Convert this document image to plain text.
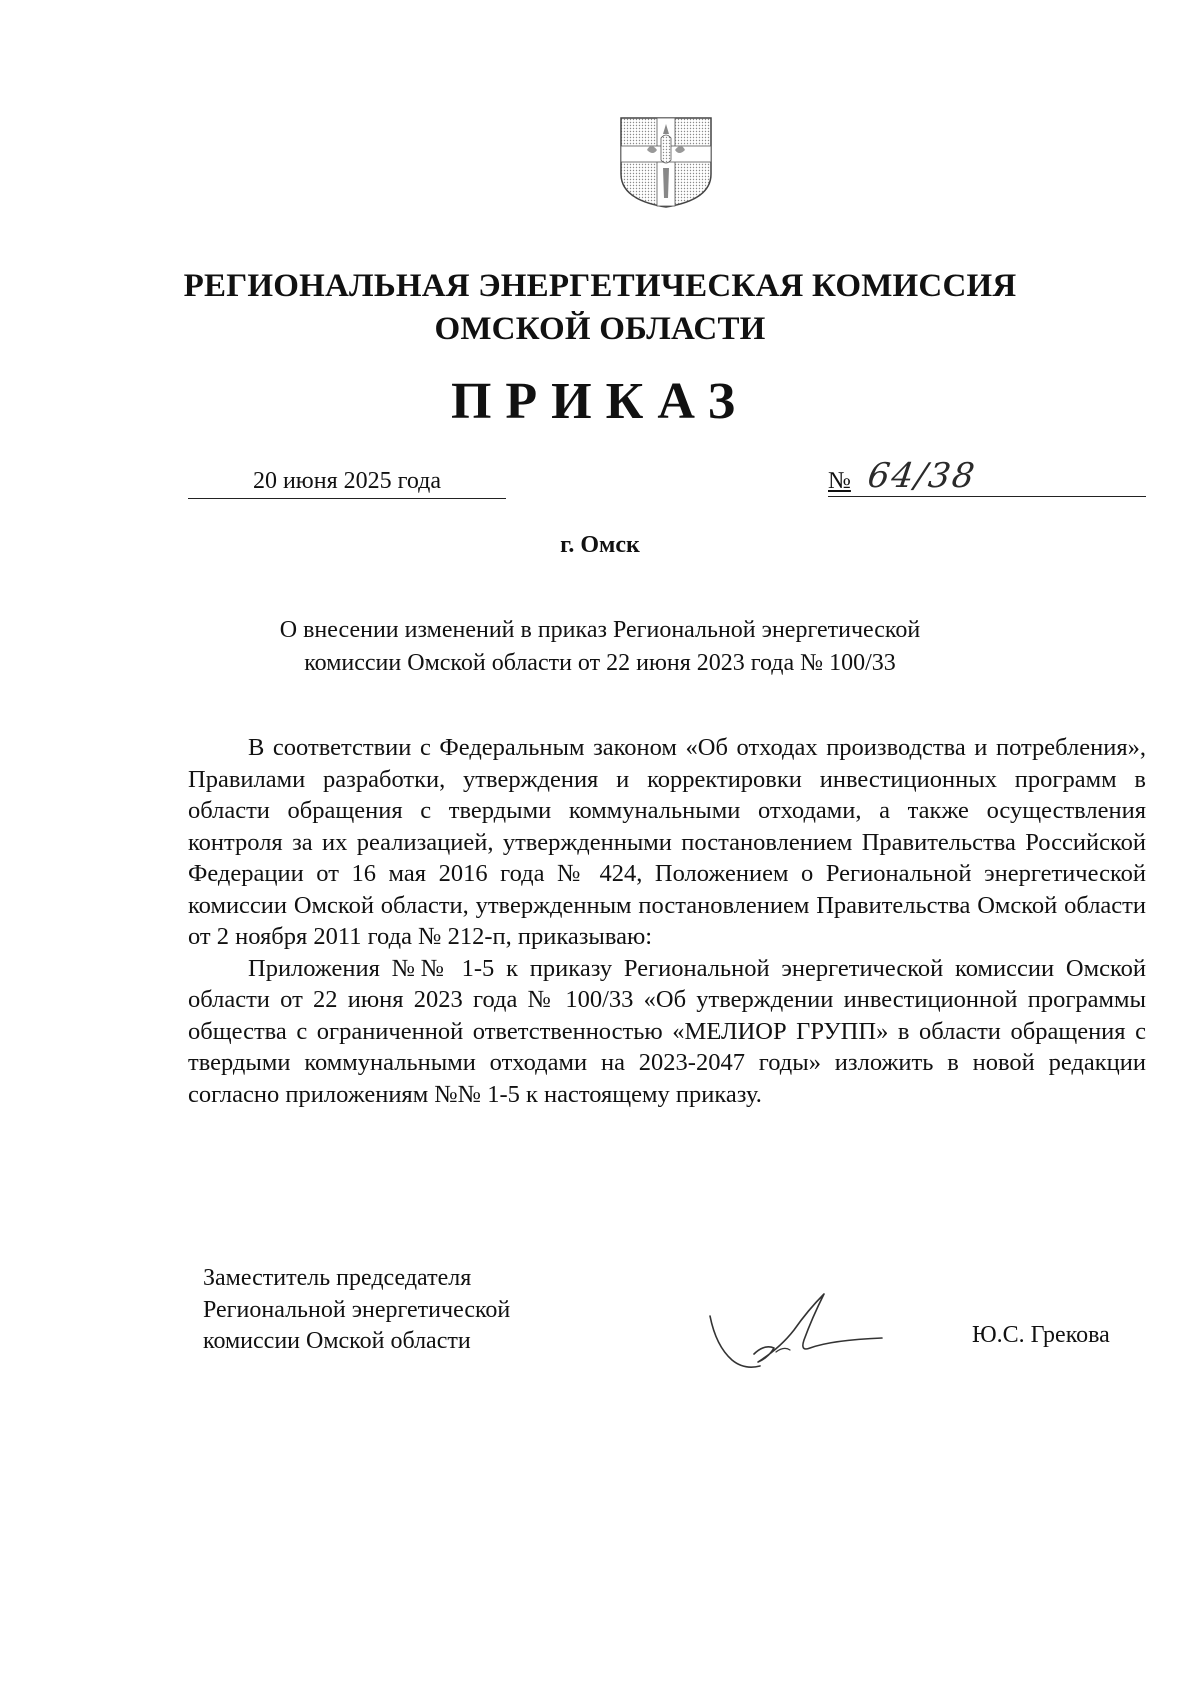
РЕГИОНАЛЬНАЯ ЭНЕРГЕТИЧЕСКАЯ КОМИССИЯ
ОМСКОЙ ОБЛАСТИ
ПРИКАЗ
20 июня 2025 года	№ 64/38
г. Омск
О внесении изменений в приказ Региональной энергетической
комиссии Омской области от 22 июня 2023 года № 100/33

В соответствии с Федеральным законом «Об отходах производства и потребления», Правилами разработки, утверждения и корректировки инвестиционных программ в области обращения с твердыми коммунальными отходами, а также осуществления контроля за их реализацией, утвержденными постановлением Правительства Российской Федерации от 16 мая 2016 года № 424, Положением о Региональной энергетической комиссии Омской области, утвержденным постановлением Правительства Омской области от 2 ноября 2011 года № 212-п, приказываю:

Приложения №№ 1-5 к приказу Региональной энергетической комиссии Омской области от 22 июня 2023 года № 100/33 «Об утверждении инвестиционной программы общества с ограниченной ответственностью «МЕЛИОР ГРУПП» в области обращения с твердыми коммунальными отходами на 2023-2047 годы» изложить в новой редакции согласно приложениям №№ 1-5 к настоящему приказу.

Заместитель председателя
Региональной энергетической
комиссии Омской области	Ю.С. Грекова
